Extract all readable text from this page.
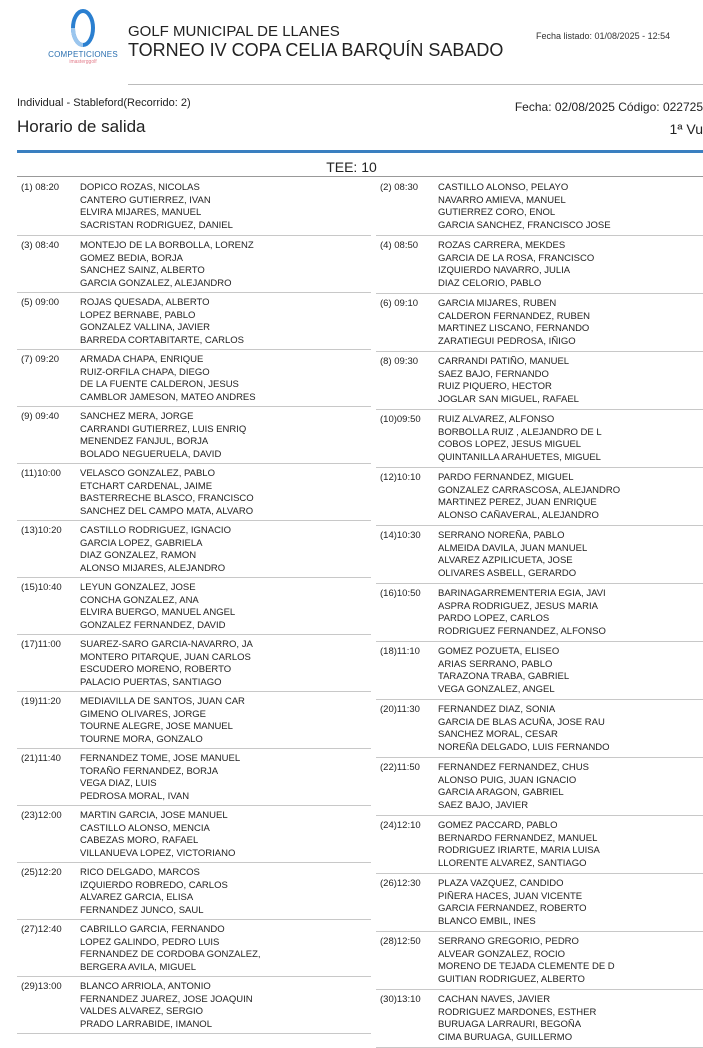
COMPETICIONES
imasterggolf
GOLF MUNICIPAL DE LLANES
TORNEO IV COPA CELIA BARQUÍN SABADO
Fecha listado: 01/08/2025 - 12:54
Individual - Stableford(Recorrido: 2)	Fecha: 02/08/2025 Código: 022725
Horario de salida	1ª Vu
TEE: 10
(1) 08:20	DOPICO ROZAS, NICOLAS
CANTERO GUTIERREZ, IVAN
ELVIRA MIJARES, MANUEL
SACRISTAN RODRIGUEZ, DANIEL
(3) 08:40	MONTEJO DE LA BORBOLLA, LORENZ
GOMEZ BEDIA, BORJA
SANCHEZ SAINZ, ALBERTO
GARCIA GONZALEZ, ALEJANDRO
(5) 09:00	ROJAS QUESADA, ALBERTO
LOPEZ BERNABE, PABLO
GONZALEZ VALLINA, JAVIER
BARREDA CORTABITARTE, CARLOS
(7) 09:20	ARMADA CHAPA, ENRIQUE
RUIZ-ORFILA CHAPA, DIEGO
DE LA FUENTE CALDERON, JESUS
CAMBLOR JAMESON, MATEO ANDRES
(9) 09:40	SANCHEZ MERA, JORGE
CARRANDI GUTIERREZ, LUIS ENRIQ
MENENDEZ FANJUL, BORJA
BOLADO NEGUERUELA, DAVID
(11)10:00	VELASCO GONZALEZ, PABLO
ETCHART CARDENAL, JAIME
BASTERRECHE BLASCO, FRANCISCO
SANCHEZ DEL CAMPO MATA, ALVARO
(13)10:20	CASTILLO RODRIGUEZ, IGNACIO
GARCIA LOPEZ, GABRIELA
DIAZ GONZALEZ, RAMON
ALONSO MIJARES, ALEJANDRO
(15)10:40	LEYUN GONZALEZ, JOSE
CONCHA GONZALEZ, ANA
ELVIRA BUERGO, MANUEL ANGEL
GONZALEZ FERNANDEZ, DAVID
(17)11:00	SUAREZ-SARO GARCIA-NAVARRO, JA
MONTERO PITARQUE, JUAN CARLOS
ESCUDERO MORENO, ROBERTO
PALACIO PUERTAS, SANTIAGO
(19)11:20	MEDIAVILLA DE SANTOS, JUAN CAR
GIMENO OLIVARES, JORGE
TOURNE ALEGRE, JOSE MANUEL
TOURNE MORA, GONZALO
(21)11:40	FERNANDEZ TOME, JOSE MANUEL
TORAÑO FERNANDEZ, BORJA
VEGA DIAZ, LUIS
PEDROSA MORAL, IVAN
(23)12:00	MARTIN GARCIA, JOSE MANUEL
CASTILLO ALONSO, MENCIA
CABEZAS MORO, RAFAEL
VILLANUEVA LOPEZ, VICTORIANO
(25)12:20	RICO DELGADO, MARCOS
IZQUIERDO ROBREDO, CARLOS
ALVAREZ GARCIA, ELISA
FERNANDEZ JUNCO, SAUL
(27)12:40	CABRILLO GARCIA, FERNANDO
LOPEZ GALINDO, PEDRO LUIS
FERNANDEZ DE CORDOBA GONZALEZ,
BERGERA AVILA, MIGUEL
(29)13:00	BLANCO ARRIOLA, ANTONIO
FERNANDEZ JUAREZ, JOSE JOAQUIN
VALDES ALVAREZ, SERGIO
PRADO LARRABIDE, IMANOL
(2) 08:30	CASTILLO ALONSO, PELAYO
NAVARRO AMIEVA, MANUEL
GUTIERREZ CORO, ENOL
GARCIA SANCHEZ, FRANCISCO JOSE
(4) 08:50	ROZAS CARRERA, MEKDES
GARCIA DE LA ROSA, FRANCISCO
IZQUIERDO NAVARRO, JULIA
DIAZ CELORIO, PABLO
(6) 09:10	GARCIA MIJARES, RUBEN
CALDERON FERNANDEZ, RUBEN
MARTINEZ LISCANO, FERNANDO
ZARATIEGUI PEDROSA, IÑIGO
(8) 09:30	CARRANDI PATIÑO, MANUEL
SAEZ BAJO, FERNANDO
RUIZ PIQUERO, HECTOR
JOGLAR SAN MIGUEL, RAFAEL
(10)09:50	RUIZ ALVAREZ, ALFONSO
BORBOLLA RUIZ , ALEJANDRO DE L
COBOS LOPEZ, JESUS MIGUEL
QUINTANILLA ARAHUETES, MIGUEL
(12)10:10	PARDO FERNANDEZ, MIGUEL
GONZALEZ CARRASCOSA, ALEJANDRO
MARTINEZ PEREZ, JUAN ENRIQUE
ALONSO CAÑAVERAL, ALEJANDRO
(14)10:30	SERRANO NOREÑA, PABLO
ALMEIDA DAVILA, JUAN MANUEL
ALVAREZ AZPILICUETA, JOSE
OLIVARES ASBELL, GERARDO
(16)10:50	BARINAGARREMENTERIA EGIA, JAVI
ASPRA RODRIGUEZ, JESUS MARIA
PARDO LOPEZ, CARLOS
RODRIGUEZ FERNANDEZ, ALFONSO
(18)11:10	GOMEZ POZUETA, ELISEO
ARIAS SERRANO, PABLO
TARAZONA TRABA, GABRIEL
VEGA GONZALEZ, ANGEL
(20)11:30	FERNANDEZ DIAZ, SONIA
GARCIA DE BLAS ACUÑA, JOSE RAU
SANCHEZ MORAL, CESAR
NOREÑA DELGADO, LUIS FERNANDO
(22)11:50	FERNANDEZ FERNANDEZ, CHUS
ALONSO PUIG, JUAN IGNACIO
GARCIA ARAGON, GABRIEL
SAEZ BAJO, JAVIER
(24)12:10	GOMEZ PACCARD, PABLO
BERNARDO FERNANDEZ, MANUEL
RODRIGUEZ IRIARTE, MARIA LUISA
LLORENTE ALVAREZ, SANTIAGO
(26)12:30	PLAZA VAZQUEZ, CANDIDO
PIÑERA HACES, JUAN VICENTE
GARCIA FERNANDEZ, ROBERTO
BLANCO EMBIL, INES
(28)12:50	SERRANO GREGORIO, PEDRO
ALVEAR GONZALEZ, ROCIO
MORENO DE TEJADA CLEMENTE DE D
GUITIAN RODRIGUEZ, ALBERTO
(30)13:10	CACHAN NAVES, JAVIER
RODRIGUEZ MARDONES, ESTHER
BURUAGA LARRAURI, BEGOÑA
CIMA BURUAGA, GUILLERMO
